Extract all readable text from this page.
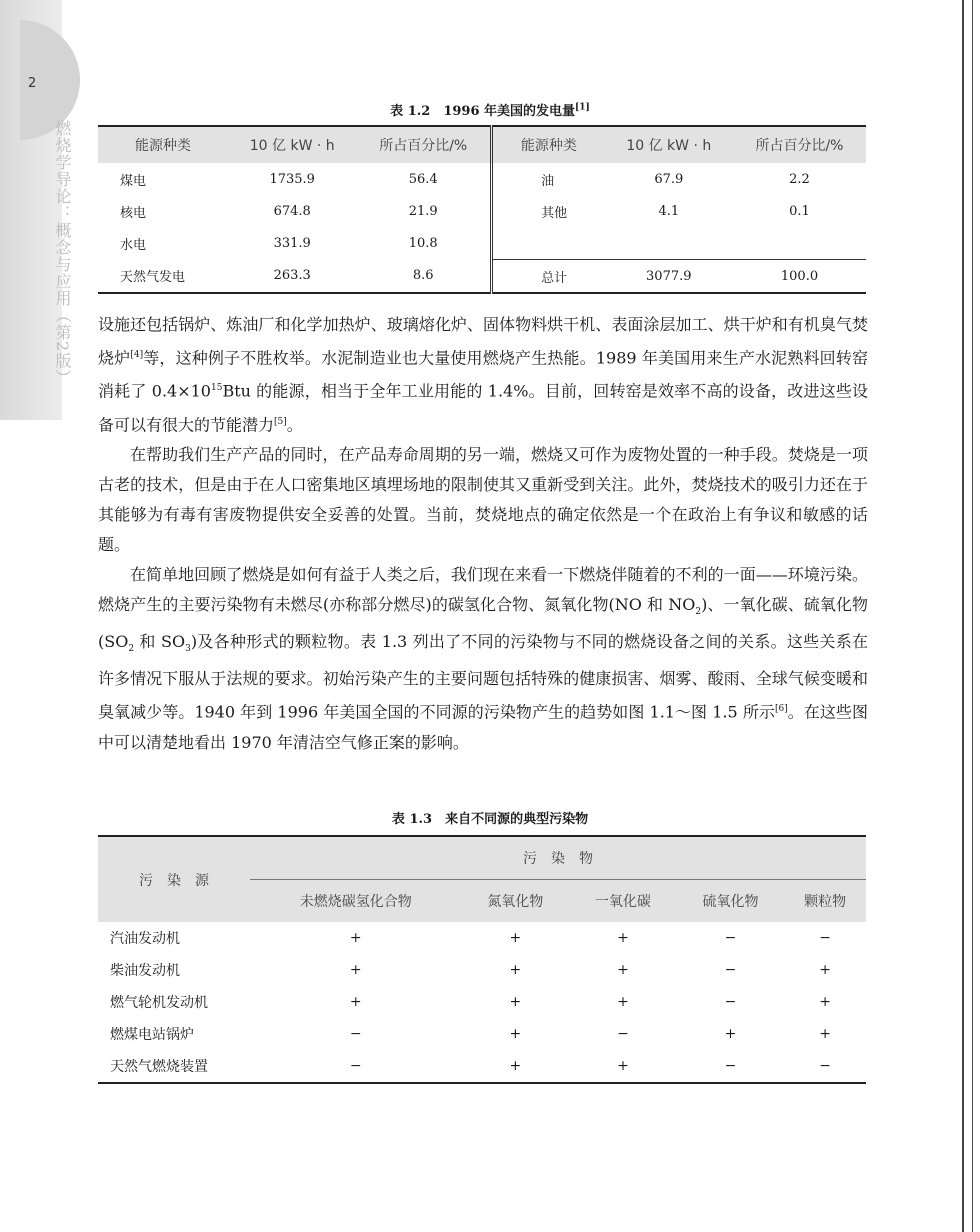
2
燃烧学导论：概念与应用（第2版）
表 1.2　1996 年美国的发电量[1]
能源种类	10 亿 kW · h	所占百分比/%	能源种类	10 亿 kW · h	所占百分比/%
煤电	1735.9	56.4	油	67.9	2.2
核电	674.8	21.9	其他	4.1	0.1
水电	331.9	10.8			
天然气发电	263.3	8.6	总计	3077.9	100.0

设施还包括锅炉、炼油厂和化学加热炉、玻璃熔化炉、固体物料烘干机、表面涂层加工、烘干炉和有机臭气焚烧炉[4]等，这种例子不胜枚举。水泥制造业也大量使用燃烧产生热能。1989 年美国用来生产水泥熟料回转窑消耗了 $0.4\times 10^{15}Btu$ 的能源，相当于全年工业用能的 1.4%。目前，回转窑是效率不高的设备，改进这些设备可以有很大的节能潜力[5]。

在帮助我们生产产品的同时，在产品寿命周期的另一端，燃烧又可作为废物处置的一种手段。焚烧是一项古老的技术，但是由于在人口密集地区填埋场地的限制使其又重新受到关注。此外，焚烧技术的吸引力还在于其能够为有毒有害废物提供安全妥善的处置。当前，焚烧地点的确定依然是一个在政治上有争议和敏感的话题。

在简单地回顾了燃烧是如何有益于人类之后，我们现在来看一下燃烧伴随着的不利的一面——环境污染。燃烧产生的主要污染物有未燃尽(亦称部分燃尽)的碳氢化合物、氮氧化物(NO 和 $NO_2$)、一氧化碳、硫氧化物($SO_2$ 和 $SO_3$)及各种形式的颗粒物。表 1.3 列出了不同的污染物与不同的燃烧设备之间的关系。这些关系在许多情况下服从于法规的要求。初始污染产生的主要问题包括特殊的健康损害、烟雾、酸雨、全球气候变暖和臭氧减少等。1940 年到 1996 年美国全国的不同源的污染物产生的趋势如图 1.1～图 1.5 所示[6]。在这些图中可以清楚地看出 1970 年清洁空气修正案的影响。

表 1.3　来自不同源的典型污染物
污　染　源	污　染　物				
	未燃烧碳氢化合物	氮氧化物	一氧化碳	硫氧化物	颗粒物
汽油发动机	+	+	+	−	−
柴油发动机	+	+	+	−	+
燃气轮机发动机	+	+	+	−	+
燃煤电站锅炉	−	+	−	+	+
天然气燃烧装置	−	+	+	−	−
